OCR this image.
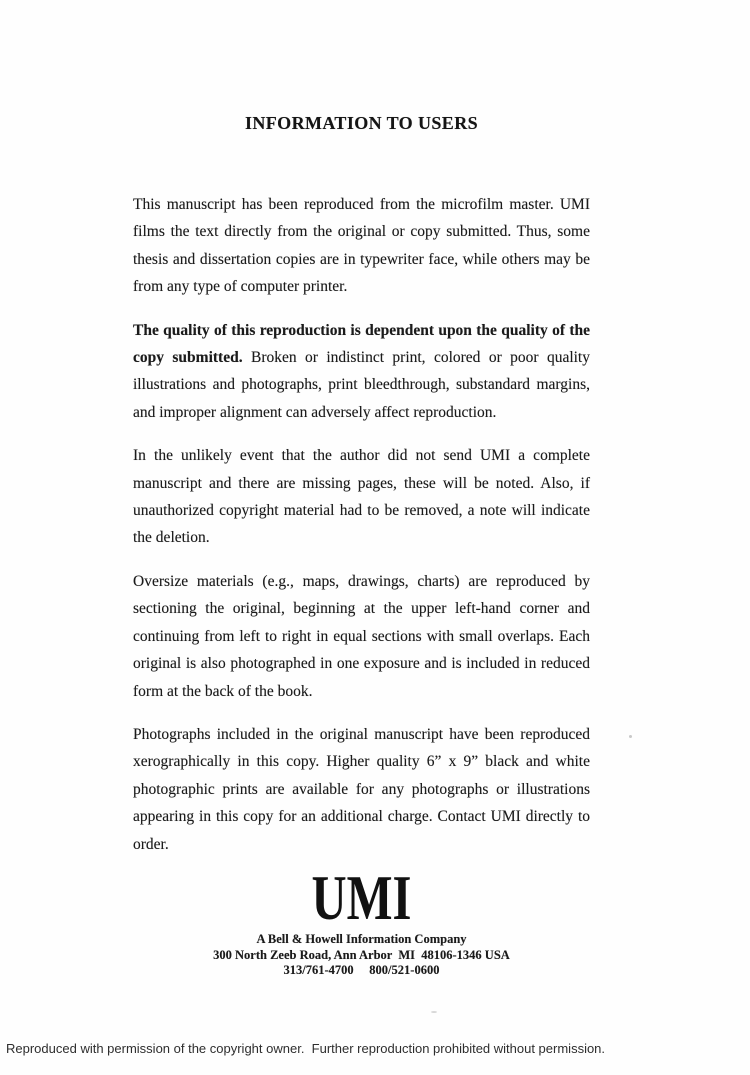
INFORMATION TO USERS
This manuscript has been reproduced from the microfilm master. UMI
films the text directly from the original or copy submitted. Thus, some
thesis and dissertation copies are in typewriter face, while others may be
from any type of computer printer.
The quality of this reproduction is dependent upon the quality of the
copy submitted. Broken or indistinct print, colored or poor quality
illustrations and photographs, print bleedthrough, substandard margins,
and improper alignment can adversely affect reproduction.
In the unlikely event that the author did not send UMI a complete
manuscript and there are missing pages, these will be noted. Also, if
unauthorized copyright material had to be removed, a note will indicate
the deletion.
Oversize materials (e.g., maps, drawings, charts) are reproduced by
sectioning the original, beginning at the upper left-hand corner and
continuing from left to right in equal sections with small overlaps. Each
original is also photographed in one exposure and is included in reduced
form at the back of the book.
Photographs included in the original manuscript have been reproduced
xerographically in this copy. Higher quality 6” x 9” black and white
photographic prints are available for any photographs or illustrations
appearing in this copy for an additional charge. Contact UMI directly to
order.
UMI
A Bell & Howell Information Company
300 North Zeeb Road, Ann Arbor  MI  48106-1346 USA
313/761-4700     800/521-0600
Reproduced with permission of the copyright owner.  Further reproduction prohibited without permission.
